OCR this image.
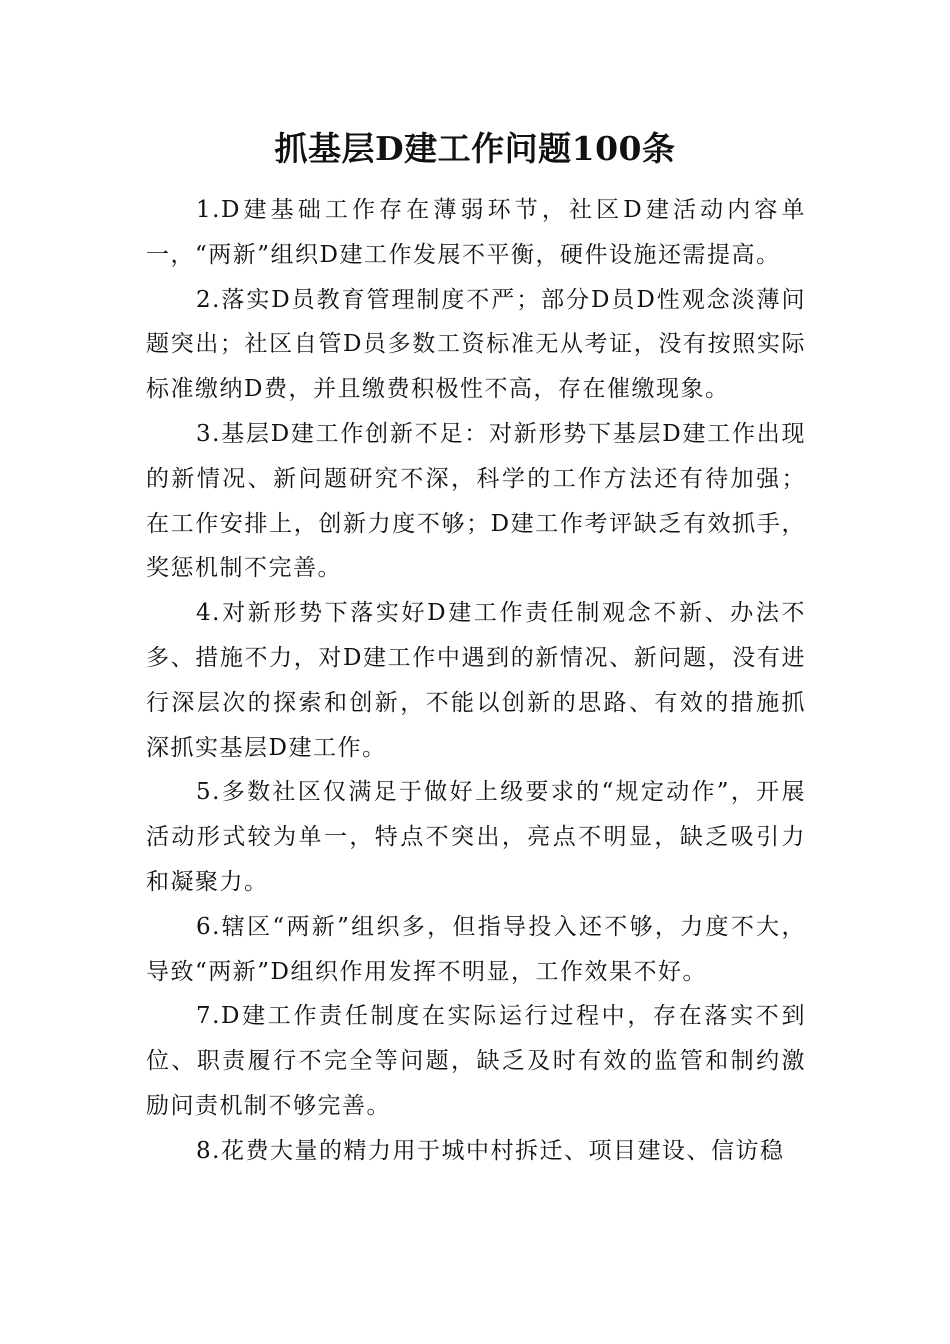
抓基层D建工作问题100条

1.D建基础工作存在薄弱环节，社区D建活动内容单一，“两新”组织D建工作发展不平衡，硬件设施还需提高。

2.落实D员教育管理制度不严；部分D员D性观念淡薄问题突出；社区自管D员多数工资标准无从考证，没有按照实际标准缴纳D费，并且缴费积极性不高，存在催缴现象。

3.基层D建工作创新不足：对新形势下基层D建工作出现的新情况、新问题研究不深，科学的工作方法还有待加强；在工作安排上，创新力度不够；D建工作考评缺乏有效抓手，奖惩机制不完善。

4.对新形势下落实好D建工作责任制观念不新、办法不多、措施不力，对D建工作中遇到的新情况、新问题，没有进行深层次的探索和创新，不能以创新的思路、有效的措施抓深抓实基层D建工作。

5.多数社区仅满足于做好上级要求的“规定动作”，开展活动形式较为单一，特点不突出，亮点不明显，缺乏吸引力和凝聚力。

6.辖区“两新”组织多，但指导投入还不够，力度不大，导致“两新”D组织作用发挥不明显，工作效果不好。

7.D建工作责任制度在实际运行过程中，存在落实不到位、职责履行不完全等问题，缺乏及时有效的监管和制约激励问责机制不够完善。

8.花费大量的精力用于城中村拆迁、项目建设、信访稳
